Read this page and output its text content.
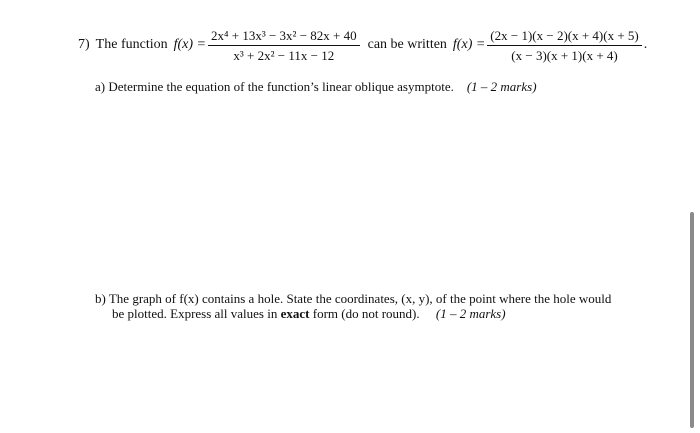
7) The function $f(x) = \frac{\text{2x⁴ + 13x³ − 3x² − 82x + 40}}{\text{x³ + 2x² − 11x − 12}}$ can be written $f(x) = \frac{(2x - 1)(x - 2)(x + 4)(x + 5)}{(x - 3)(x + 1)(x + 4)}$ .
a) Determine the equation of the function’s linear oblique asymptote. (1 – 2 marks)
b) The graph of f(x) contains a hole. State the coordinates, (x, y), of the point where the hole would
be plotted. Express all values in exact form (do not round). (1 – 2 marks)
